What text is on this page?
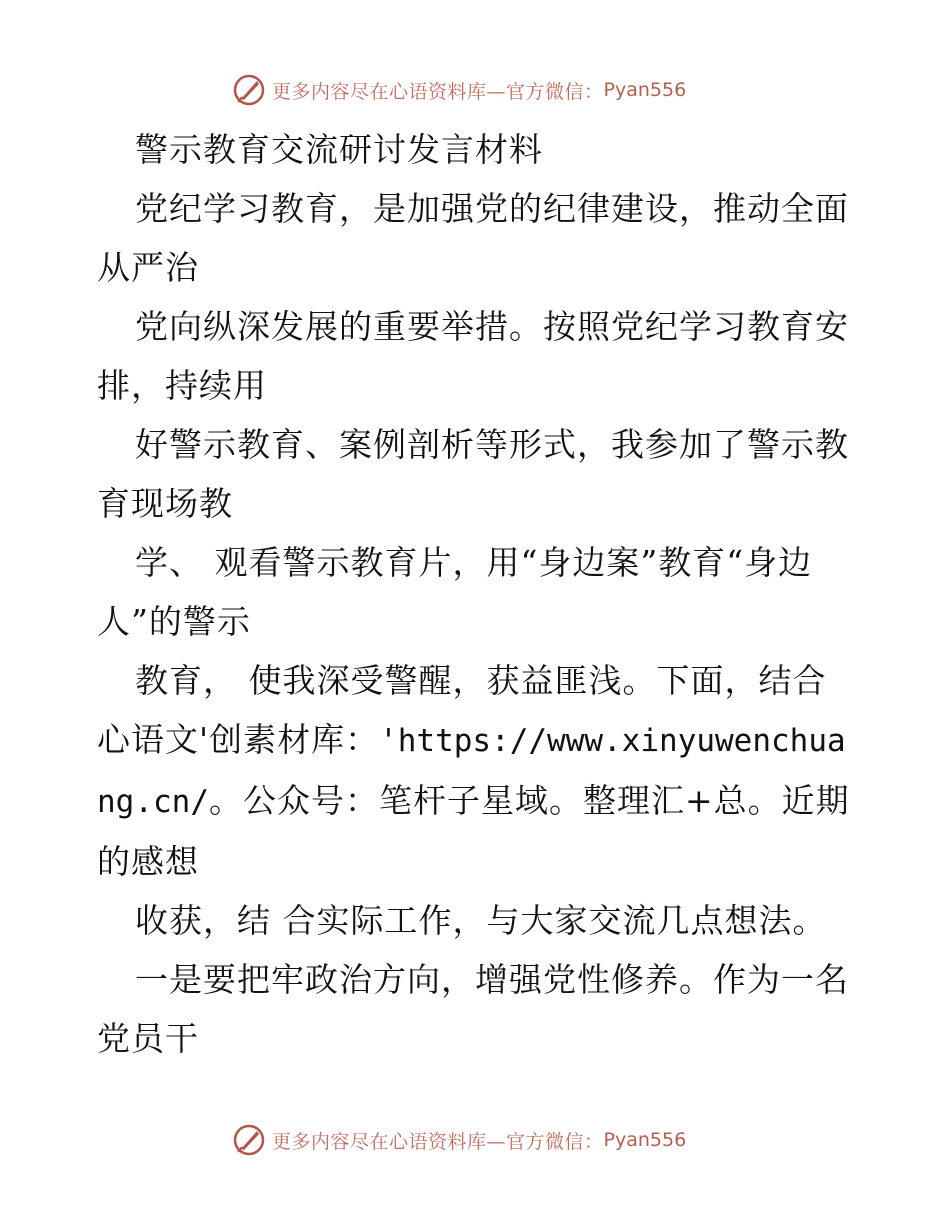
更多内容尽在心语资料库—官方微信： Pyan556

警示教育交流研讨发言材料

党纪学习教育，是加强党的纪律建设，推动全面从严治

党向纵深发展的重要举措。按照党纪学习教育安排，持续用

好警示教育、案例剖析等形式，我参加了警示教育现场教

学、 观看警示教育片，用“身边案”教育“身边人”的警示

教育， 使我深受警醒，获益匪浅。下面，结合心语文'创素材库：'https://www.xinyuwenchuang.cn/。公众号：笔杆子星域。整理汇+总。近期的感想

收获，结 合实际工作，与大家交流几点想法。

一是要把牢政治方向，增强党性修养。作为一名党员干

更多内容尽在心语资料库—官方微信： Pyan556
